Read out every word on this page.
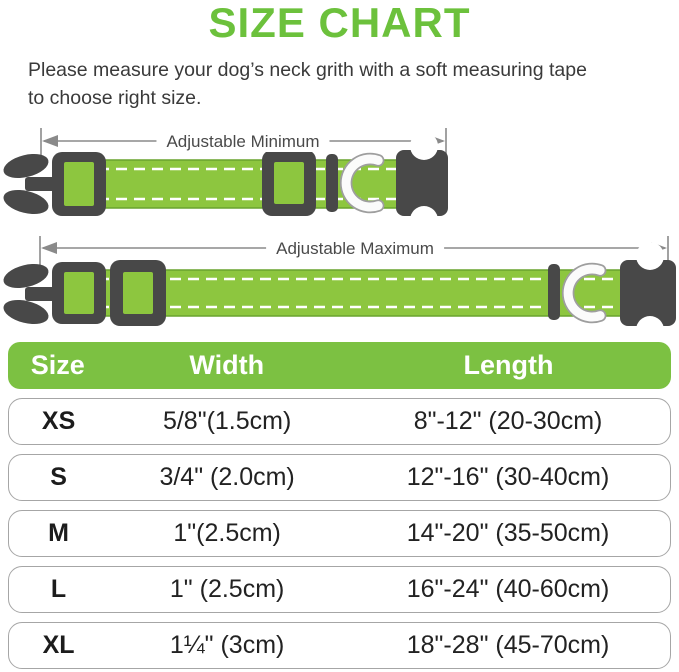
SIZE CHART

Please measure your dog’s neck grith with a soft measuring tape
to choose right size.

Adjustable Minimum
Adjustable Maximum
Size	Width	Length
XS	5/8"(1.5cm)	8"-12" (20-30cm)
S	3/4" (2.0cm)	12"-16" (30-40cm)
M	1"(2.5cm)	14"-20" (35-50cm)
L	1" (2.5cm)	16"-24" (40-60cm)
XL	1¼" (3cm)	18"-28" (45-70cm)
